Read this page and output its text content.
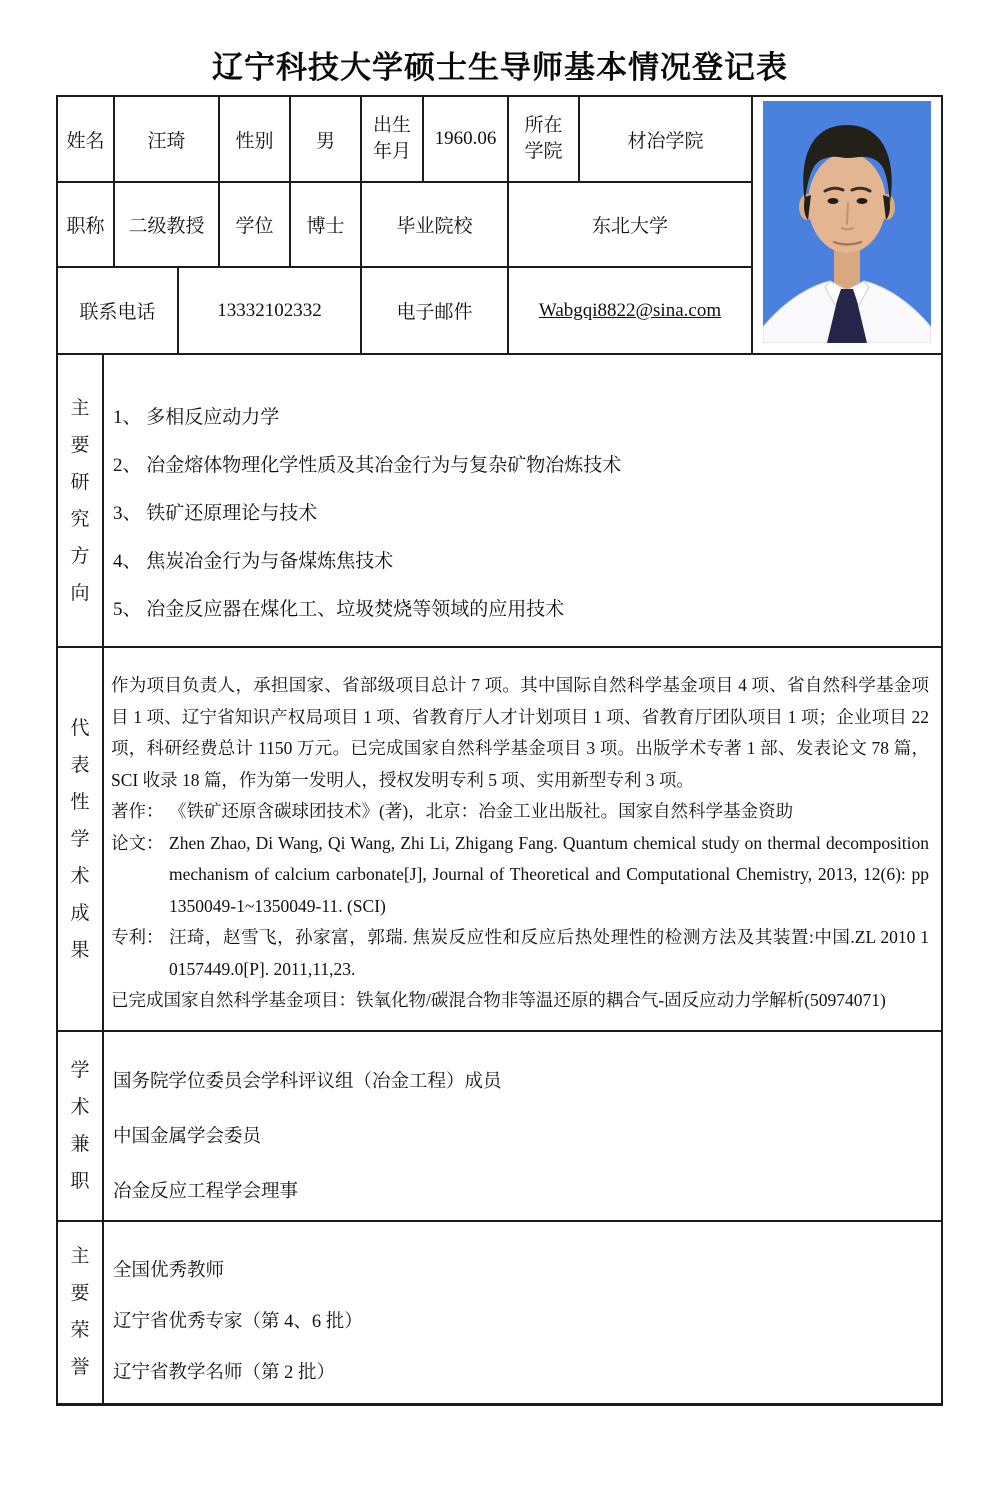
辽宁科技大学硕士生导师基本情况登记表
姓名		汪琦		性别	男	出生年月	1960.06	所在学院	材冶学院	

职称		二级教授		学位	博士	毕业院校		东北大学		
联系电话			13332102332			电子邮件		Wabgqi8822@sina.com		
主要研究方向	1、 多相反应动力学
2、 冶金熔体物理化学性质及其冶金行为与复杂矿物冶炼技术
3、 铁矿还原理论与技术
4、 焦炭冶金行为与备煤炼焦技术
5、 冶金反应器在煤化工、垃圾焚烧等领域的应用技术									

代表性学术成果	
作为项目负责人，承担国家、省部级项目总计 7 项。其中国际自然科学基金项目 4 项、省自然科学基金项目 1 项、辽宁省知识产权局项目 1 项、省教育厅人才计划项目 1 项、省教育厅团队项目 1 项；企业项目 22 项，科研经费总计 1150 万元。已完成国家自然科学基金项目 3 项。出版学术专著 1 部、发表论文 78 篇，SCI 收录 18 篇，作为第一发明人，授权发明专利 5 项、实用新型专利 3 项。
著作： 《铁矿还原含碳球团技术》(著)，北京：冶金工业出版社。国家自然科学基金资助
论文： Zhen Zhao, Di Wang, Qi Wang, Zhi Li, Zhigang Fang. Quantum chemical study on thermal decomposition mechanism of calcium carbonate[J], Journal of Theoretical and Computational Chemistry, 2013, 12(6): pp 1350049-1~1350049-11. (SCI)
专利： 汪琦，赵雪飞，孙家富，郭瑞. 焦炭反应性和反应后热处理性的检测方法及其装置:中国.ZL 2010 1 0157449.0[P]. 2011,11,23.
已完成国家自然科学基金项目：铁氧化物/碳混合物非等温还原的耦合气-固反应动力学解析(50974071)

学术兼职	国务院学位委员会学科评议组（冶金工程）成员
中国金属学会委员
冶金反应工程学会理事									

主要荣誉	全国优秀教师
辽宁省优秀专家（第 4、6 批）
辽宁省教学名师（第 2 批）									
